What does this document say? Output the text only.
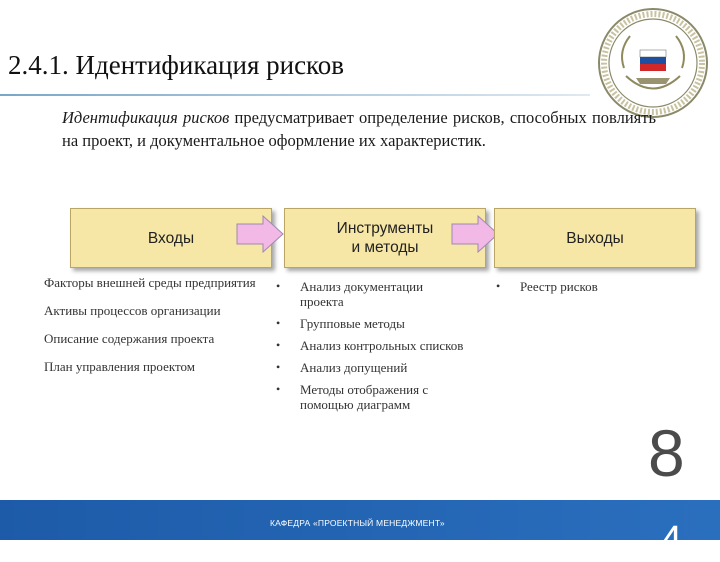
2.4.1. Идентификация рисков
Идентификация рисков предусматривает определение рисков, способных повлиять на проект, и документальное оформление их характеристик.
Входы
Инструменты
и методы
Выходы
Факторы внешней среды предприятия
Активы процессов организации
Описание содержания проекта
План управления проектом
• Анализ документации проекта
• Групповые методы
• Анализ контрольных списков
• Анализ допущений
• Методы отображения с помощью диаграмм
• Реестр рисков
8
КАФЕДРА «ПРОЕКТНЫЙ МЕНЕДЖМЕНТ»	4
